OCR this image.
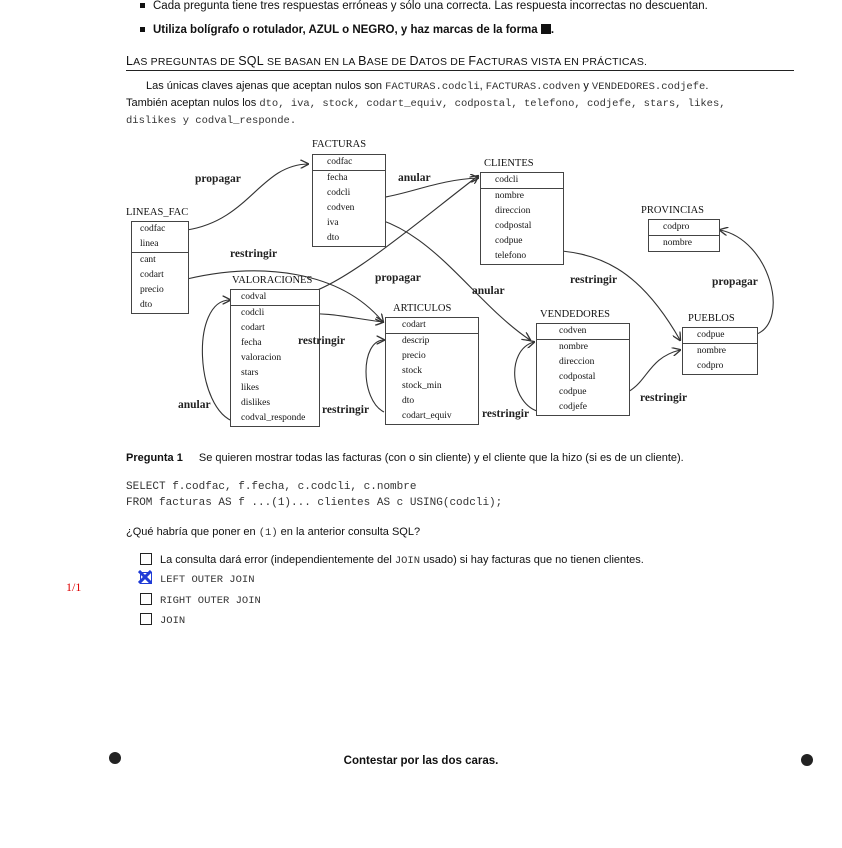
Cada pregunta tiene tres respuestas erróneas y sólo una correcta. Las respuesta incorrectas no descuentan.
Utiliza bolígrafo o rotulador, AZUL o NEGRO, y haz marcas de la forma .
LAS PREGUNTAS DE SQL SE BASAN EN LA BASE DE DATOS DE FACTURAS VISTA EN PRÁCTICAS.
Las únicas claves ajenas que aceptan nulos son FACTURAS.codcli, FACTURAS.codven y VENDEDORES.codjefe.
También aceptan nulos los dto, iva, stock, codart_equiv, codpostal, telefono, codjefe, stars, likes,
dislikes y codval_responde.
FACTURAS
codfac
fecha
codcli
codven
iva
dto
CLIENTES
codcli
nombre
direccion
codpostal
codpue
telefono
PROVINCIAS
codpro
nombre
LINEAS_FAC
codfac
linea
cant
codart
precio
dto
VALORACIONES
codval
codcli
codart
fecha
valoracion
stars
likes
dislikes
codval_responde
ARTICULOS
codart
descrip
precio
stock
stock_min
dto
codart_equiv
VENDEDORES
codven
nombre
direccion
codpostal
codpue
codjefe
PUEBLOS
codpue
nombre
codpro
propagar	anular
restringir
propagar
anular
restringir	propagar
restringir
anular	restringir	restringir
restringir
Pregunta 1 Se quieren mostrar todas las facturas (con o sin cliente) y el cliente que la hizo (si es de un cliente).
SELECT f.codfac, f.fecha, c.codcli, c.nombre
FROM facturas AS f ...(1)... clientes AS c USING(codcli);
¿Qué habría que poner en (1) en la anterior consulta SQL?
La consulta dará error (independientemente del JOIN usado) si hay facturas que no tienen clientes.
LEFT OUTER JOIN
RIGHT OUTER JOIN
JOIN
1/1
Contestar por las dos caras.
